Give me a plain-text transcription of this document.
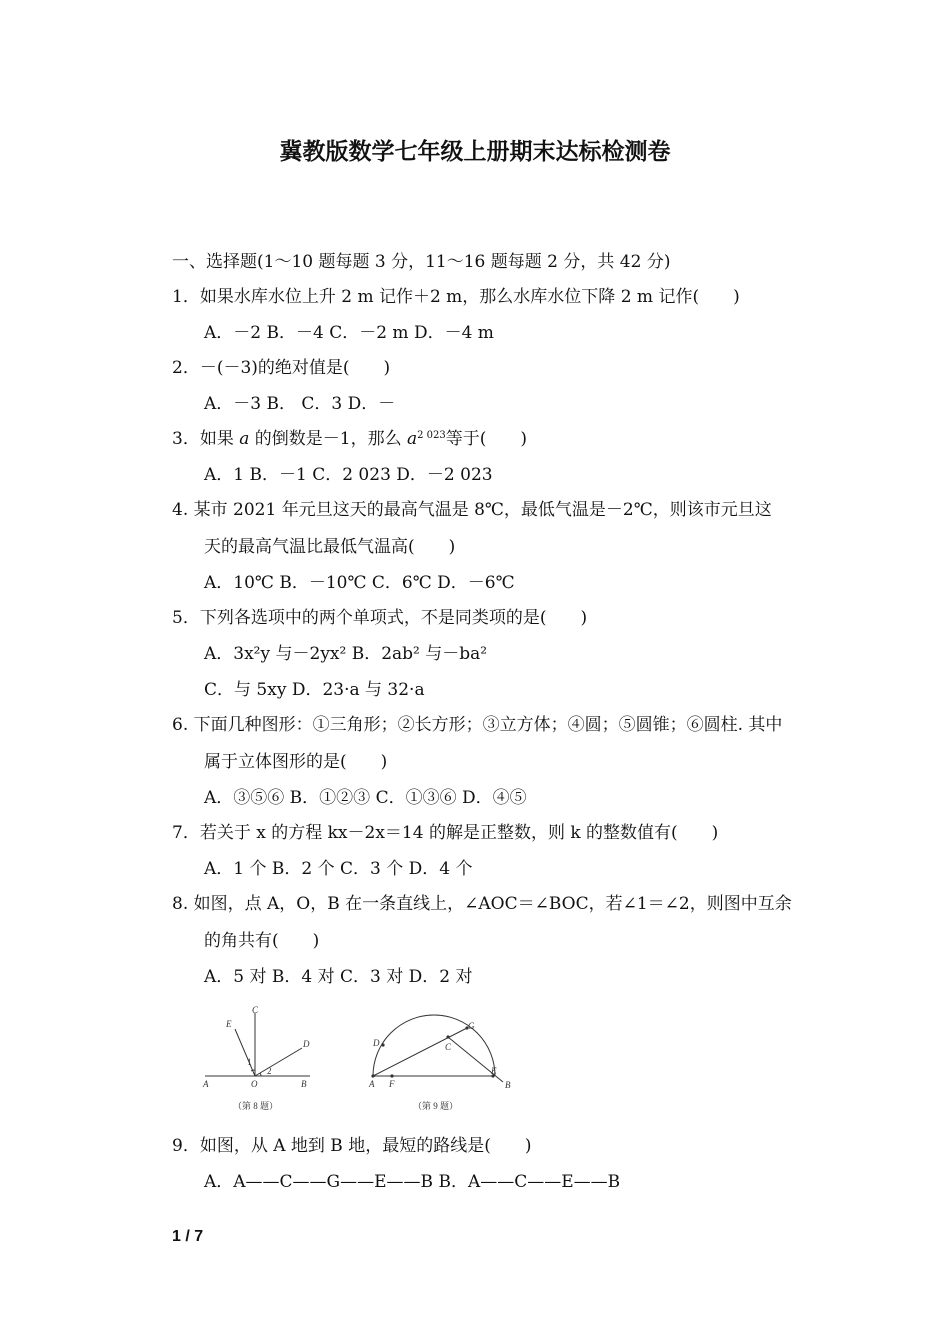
冀教版数学七年级上册期末达标检测卷
一、选择题(1～10 题每题 3 分，11～16 题每题 2 分，共 42 分)
1．如果水库水位上升 2 m 记作＋2 m，那么水库水位下降 2 m 记作(　　)
A．－2 B．－4 C．－2 m D．－4 m
2．－(－3)的绝对值是(　　)
A．－3 B． C．3 D．－
3．如果 a 的倒数是－1，那么 $a^{2 023}$等于(　　)
A．1 B．－1 C．2 023 D．－2 023
4. 某市 2021 年元旦这天的最高气温是 8℃，最低气温是－2℃，则该市元旦这
天的最高气温比最低气温高(　　)
A．10℃ B．－10℃ C．6℃ D．－6℃
5．下列各选项中的两个单项式，不是同类项的是(　　)
A．3x²y 与－2yx² B．2ab² 与－ba²
C．与 5xy D．23·a 与 32·a
6. 下面几种图形：①三角形；②长方形；③立方体；④圆；⑤圆锥；⑥圆柱. 其中
属于立体图形的是(　　)
A．③⑤⑥ B．①②③ C．①③⑥ D．④⑤
7．若关于 x 的方程 kx－2x＝14 的解是正整数，则 k 的整数值有(　　)
A．1 个 B．2 个 C．3 个 D．4 个
8. 如图，点 A，O，B 在一条直线上，∠AOC＝∠BOC，若∠1＝∠2，则图中互余
的角共有(　　)
A．5 对 B．4 对 C．3 对 D．2 对
A	O	B
C
D
E
1
2
（第 8 题）
A F
E
B
D	C
G
（第 9 题）
9．如图，从 A 地到 B 地，最短的路线是(　　)
A．A——C——G——E——B B．A——C——E——B
1 / 7
